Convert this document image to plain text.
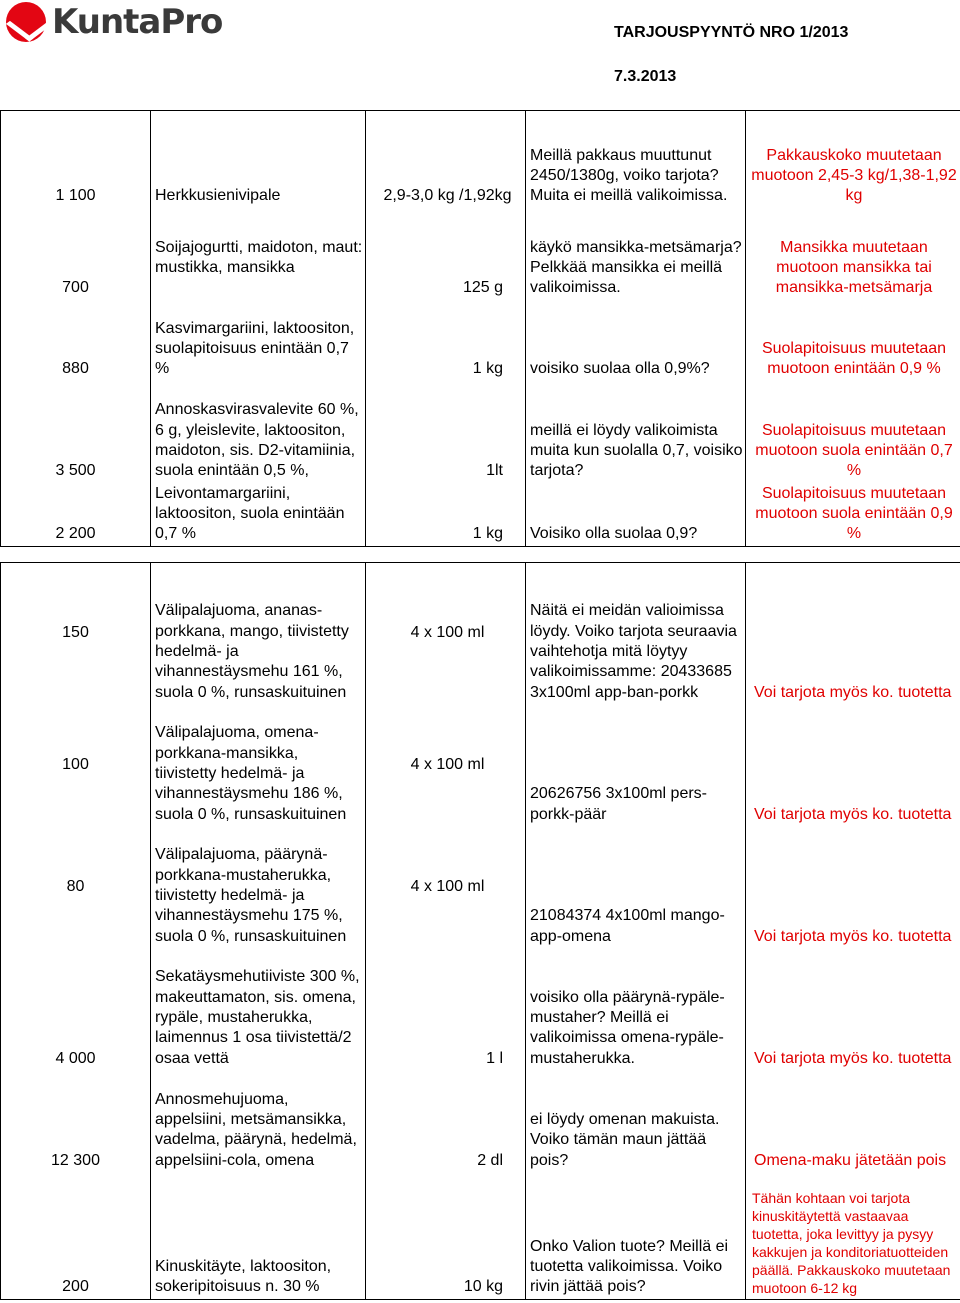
KuntaPro	TARJOUSPYYNTÖ NRO 1/2013
7.3.2013
1 100	Herkkusienivipale	2,9-3,0 kg /1,92kg	Meillä pakkaus muuttunut 2450/1380g, voiko tarjota? Muita ei meillä valikoimissa.	Pakkauskoko muutetaan muotoon 2,45-3 kg/1,38-1,92 kg
700	Soijajogurtti, maidoton, maut: mustikka, mansikka	125 g	käykö mansikka-metsämarja? Pelkkää mansikka ei meillä valikoimissa.	Mansikka muutetaan muotoon mansikka tai mansikka-metsämarja
880	Kasvimargariini, laktoositon, suolapitoisuus enintään 0,7 %	1 kg	voisiko suolaa olla 0,9%?	Suolapitoisuus muutetaan muotoon enintään 0,9 %
3 500	Annoskasvirasvalevite 60 %, 6 g, yleislevite, laktoositon, maidoton, sis. D2-vitamiinia, suola enintään 0,5 %,	1lt	meillä ei löydy valikoimista muita kun suolalla 0,7, voisiko tarjota?	Suolapitoisuus muutetaan muotoon suola enintään 0,7 %
2 200	Leivontamargariini, laktoositon, suola enintään 0,7 %	1 kg	Voisiko olla suolaa 0,9?	Suolapitoisuus muutetaan muotoon suola enintään 0,9 %

150	Välipalajuoma, ananas-porkkana, mango, tiivistetty hedelmä- ja vihannestäysmehu 161 %, suola 0 %, runsaskuituinen	4 x 100 ml	Näitä ei meidän valioimissa löydy. Voiko tarjota seuraavia vaihtehotja mitä löytyy valikoimissamme: 20433685 3x100ml app-ban-porkk	Voi tarjota myös ko. tuotetta
100	Välipalajuoma, omena-porkkana-mansikka, tiivistetty hedelmä- ja vihannestäysmehu 186 %, suola 0 %, runsaskuituinen	4 x 100 ml	20626756 3x100ml pers-porkk-päär	Voi tarjota myös ko. tuotetta
80	Välipalajuoma, päärynä-porkkana-mustaherukka, tiivistetty hedelmä- ja vihannestäysmehu 175 %, suola 0 %, runsaskuituinen	4 x 100 ml	21084374 4x100ml mango-app-omena	Voi tarjota myös ko. tuotetta
4 000	Sekatäysmehutiiviste 300 %, makeuttamaton, sis. omena, rypäle, mustaherukka, laimennus 1 osa tiivistettä/2 osaa vettä	1 l	voisiko olla päärynä-rypäle-mustaher? Meillä ei valikoimissa omena-rypäle-mustaherukka.	Voi tarjota myös ko. tuotetta
12 300	Annosmehujuoma, appelsiini, metsämansikka, vadelma, päärynä, hedelmä, appelsiini-cola, omena	2 dl	ei löydy omenan makuista. Voiko tämän maun jättää pois?	Omena-maku jätetään pois
200	Kinuskitäyte, laktoositon, sokeripitoisuus n. 30 %	10 kg	Onko Valion tuote? Meillä ei tuotetta valikoimissa. Voiko rivin jättää pois?	Tähän kohtaan voi tarjota kinuskitäytettä vastaavaa tuotetta, joka levittyy ja pysyy kakkujen ja konditoriatuotteiden päällä. Pakkauskoko muutetaan muotoon 6-12 kg
